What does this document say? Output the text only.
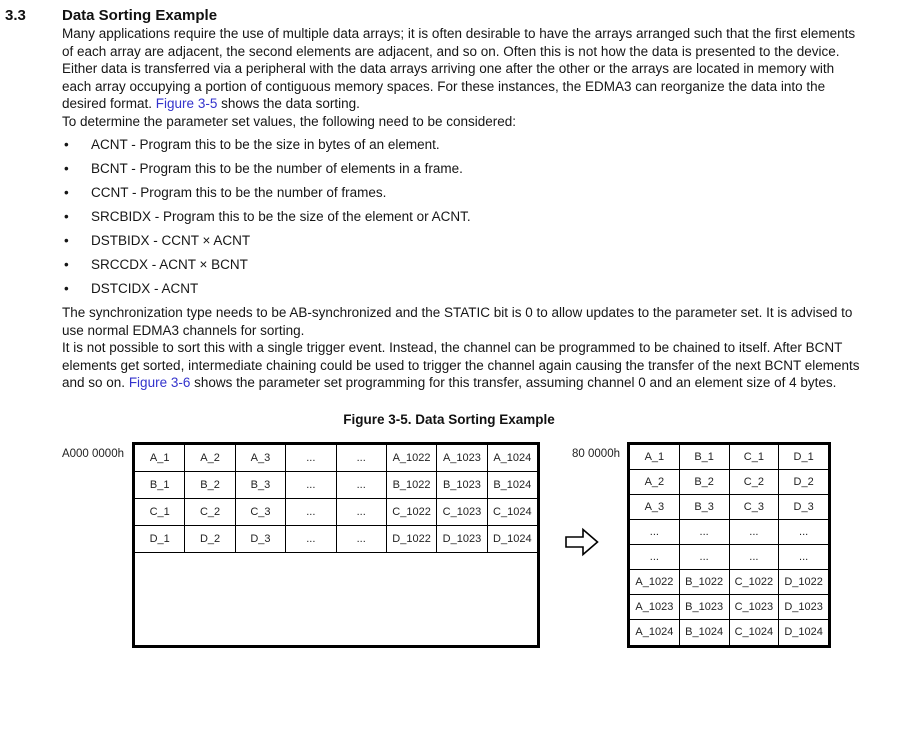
3.3	Data Sorting Example

Many applications require the use of multiple data arrays; it is often desirable to have the arrays arranged such that the first elements of each array are adjacent, the second elements are adjacent, and so on. Often this is not how the data is presented to the device. Either data is transferred via a peripheral with the data arrays arriving one after the other or the arrays are located in memory with each array occupying a portion of contiguous memory spaces. For these instances, the EDMA3 can reorganize the data into the desired format. Figure 3-5 shows the data sorting.

To determine the parameter set values, the following need to be considered:

•	ACNT - Program this to be the size in bytes of an element.
•	BCNT - Program this to be the number of elements in a frame.
•	CCNT - Program this to be the number of frames.
•	SRCBIDX - Program this to be the size of the element or ACNT.
•	DSTBIDX - CCNT × ACNT
•	SRCCDX - ACNT × BCNT
•	DSTCIDX - ACNT

The synchronization type needs to be AB-synchronized and the STATIC bit is 0 to allow updates to the parameter set. It is advised to use normal EDMA3 channels for sorting.

It is not possible to sort this with a single trigger event. Instead, the channel can be programmed to be chained to itself. After BCNT elements get sorted, intermediate chaining could be used to trigger the channel again causing the transfer of the next BCNT elements and so on. Figure 3-6 shows the parameter set programming for this transfer, assuming channel 0 and an element size of 4 bytes.

Figure 3-5. Data Sorting Example
A000 0000h	A_1	A_2	A_3	...	...	A_1022	A_1023	A_1024
B_1	B_2	B_3	...	...	B_1022	B_1023	B_1024
C_1	C_2	C_3	...	...	C_1022	C_1023	C_1024
D_1	D_2	D_3	...	...	D_1022	D_1023	D_1024
80 0000h	A_1	B_1	C_1	D_1
A_2	B_2	C_2	D_2
A_3	B_3	C_3	D_3
...	...	...	...
...	...	...	...
A_1022	B_1022	C_1022	D_1022
A_1023	B_1023	C_1023	D_1023
A_1024	B_1024	C_1024	D_1024
